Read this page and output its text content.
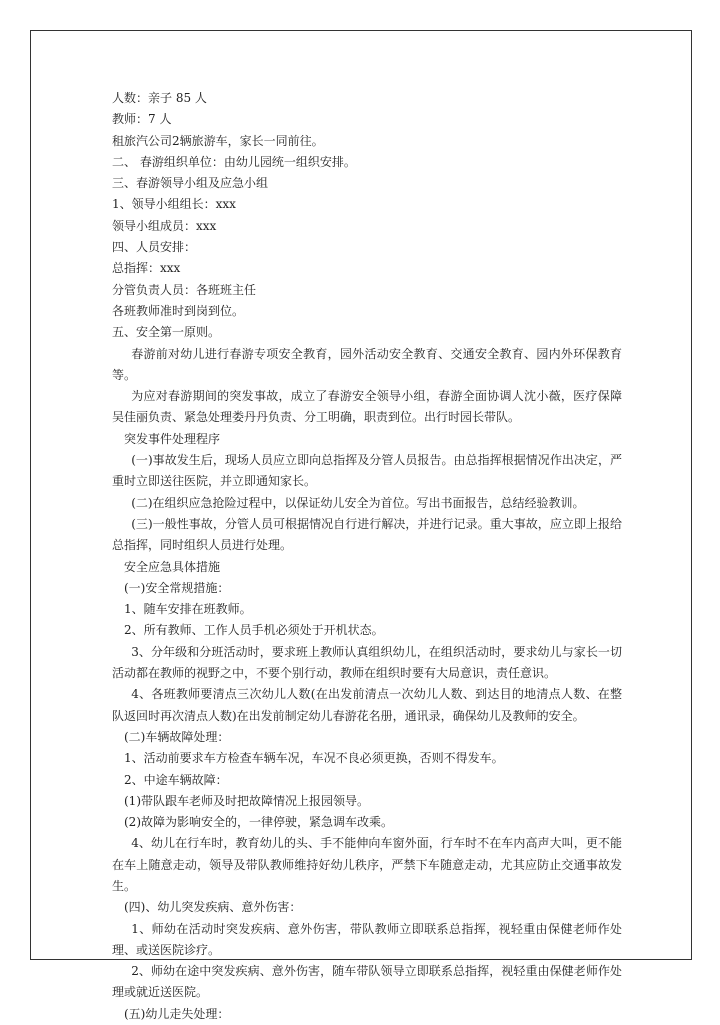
人数：亲子 85 人
教师：7 人
租旅汽公司2辆旅游车，家长一同前往。
二、 春游组织单位：由幼儿园统一组织安排。
三、春游领导小组及应急小组
1、领导小组组长：xxx
领导小组成员：xxx
四、人员安排：
总指挥：xxx
分管负责人员：各班班主任
各班教师准时到岗到位。
五、安全第一原则。
春游前对幼儿进行春游专项安全教育，园外活动安全教育、交通安全教育、园内外环保教育等。
为应对春游期间的突发事故，成立了春游安全领导小组，春游全面协调人沈小薇，医疗保障吴佳丽负责、紧急处理娄丹丹负责、分工明确，职责到位。出行时园长带队。
突发事件处理程序
(一)事故发生后，现场人员应立即向总指挥及分管人员报告。由总指挥根据情况作出决定，严重时立即送往医院，并立即通知家长。
(二)在组织应急抢险过程中，以保证幼儿安全为首位。写出书面报告，总结经验教训。
(三)一般性事故，分管人员可根据情况自行进行解决，并进行记录。重大事故，应立即上报给总指挥，同时组织人员进行处理。
安全应急具体措施
(一)安全常规措施：
1、随车安排在班教师。
2、所有教师、工作人员手机必须处于开机状态。
3、分年级和分班活动时，要求班上教师认真组织幼儿，在组织活动时，要求幼儿与家长一切活动都在教师的视野之中，不要个别行动，教师在组织时要有大局意识，责任意识。
4、各班教师要清点三次幼儿人数(在出发前清点一次幼儿人数、到达目的地清点人数、在整队返回时再次清点人数)在出发前制定幼儿春游花名册，通讯录，确保幼儿及教师的安全。
(二)车辆故障处理：
1、活动前要求车方检查车辆车况，车况不良必须更换，否则不得发车。
2、中途车辆故障：
(1)带队跟车老师及时把故障情况上报园领导。
(2)故障为影响安全的，一律停驶，紧急调车改乘。
4、幼儿在行车时，教育幼儿的头、手不能伸向车窗外面，行车时不在车内高声大叫，更不能在车上随意走动，领导及带队教师维持好幼儿秩序，严禁下车随意走动，尤其应防止交通事故发生。
(四)、幼儿突发疾病、意外伤害：
1、师幼在活动时突发疾病、意外伤害，带队教师立即联系总指挥，视轻重由保健老师作处理、或送医院诊疗。
2、师幼在途中突发疾病、意外伤害，随车带队领导立即联系总指挥，视轻重由保健老师作处理或就近送医院。
(五)幼儿走失处理：
